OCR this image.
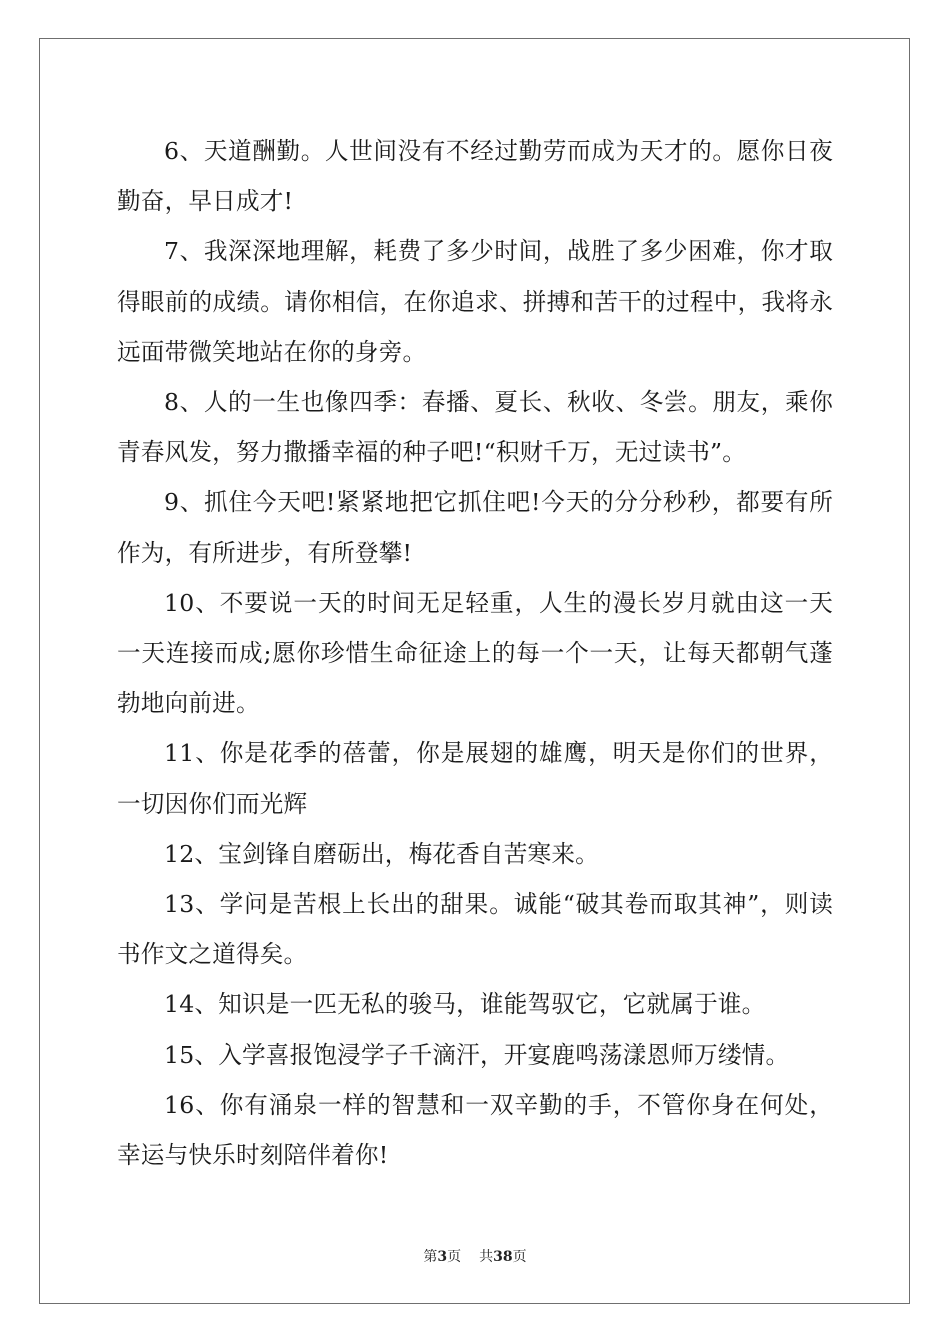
6、天道酬勤。人世间没有不经过勤劳而成为天才的。愿你日夜勤奋，早日成才!

7、我深深地理解，耗费了多少时间，战胜了多少困难，你才取得眼前的成绩。请你相信，在你追求、拼搏和苦干的过程中，我将永远面带微笑地站在你的身旁。

8、人的一生也像四季：春播、夏长、秋收、冬尝。朋友，乘你青春风发，努力撒播幸福的种子吧!“积财千万，无过读书”。

9、抓住今天吧!紧紧地把它抓住吧!今天的分分秒秒，都要有所作为，有所进步，有所登攀!

10、不要说一天的时间无足轻重，人生的漫长岁月就由这一天一天连接而成;愿你珍惜生命征途上的每一个一天，让每天都朝气蓬勃地向前进。

11、你是花季的蓓蕾，你是展翅的雄鹰，明天是你们的世界，一切因你们而光辉

12、宝剑锋自磨砺出，梅花香自苦寒来。

13、学问是苦根上长出的甜果。诚能“破其卷而取其神”，则读书作文之道得矣。

14、知识是一匹无私的骏马，谁能驾驭它，它就属于谁。

15、入学喜报饱浸学子千滴汗，开宴鹿鸣荡漾恩师万缕情。

16、你有涌泉一样的智慧和一双辛勤的手，不管你身在何处，幸运与快乐时刻陪伴着你!

第3页 共38页
